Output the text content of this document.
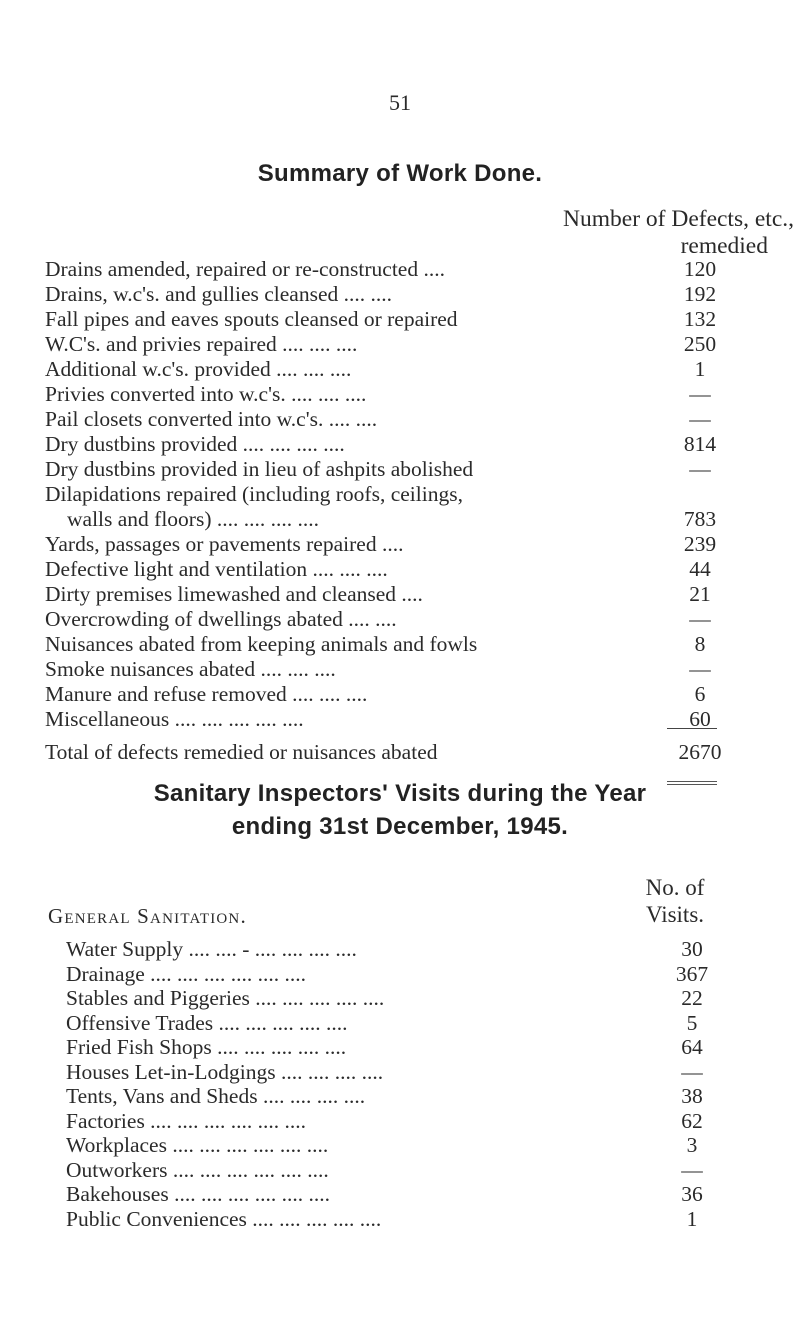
51
Summary of Work Done.
Number of Defects, etc.,
remedied
Drains amended, repaired or re-constructed ....	120
Drains, w.c's. and gullies cleansed .... ....	192
Fall pipes and eaves spouts cleansed or repaired	132
W.C's. and privies repaired .... .... ....	250
Additional w.c's. provided .... .... ....	1
Privies converted into w.c's. .... .... ....	—
Pail closets converted into w.c's. .... ....	—
Dry dustbins provided .... .... .... ....	814
Dry dustbins provided in lieu of ashpits abolished	—
Dilapidations repaired (including roofs, ceilings,
walls and floors) .... .... .... ....	783
Yards, passages or pavements repaired ....	239
Defective light and ventilation .... .... ....	44
Dirty premises limewashed and cleansed ....	21
Overcrowding of dwellings abated .... ....	—
Nuisances abated from keeping animals and fowls	8
Smoke nuisances abated .... .... ....	—
Manure and refuse removed .... .... ....	6
Miscellaneous .... .... .... .... ....	60
Total of defects remedied or nuisances abated	2670
Sanitary Inspectors' Visits during the Year
ending 31st December, 1945.
General Sanitation.
No. of
Visits.
Water Supply .... .... - .... .... .... ....	30
Drainage .... .... .... .... .... ....	367
Stables and Piggeries .... .... .... .... ....	22
Offensive Trades .... .... .... .... ....	5
Fried Fish Shops .... .... .... .... ....	64
Houses Let-in-Lodgings .... .... .... ....	—
Tents, Vans and Sheds .... .... .... ....	38
Factories .... .... .... .... .... ....	62
Workplaces .... .... .... .... .... ....	3
Outworkers .... .... .... .... .... ....	—
Bakehouses .... .... .... .... .... ....	36
Public Conveniences .... .... .... .... ....	1
